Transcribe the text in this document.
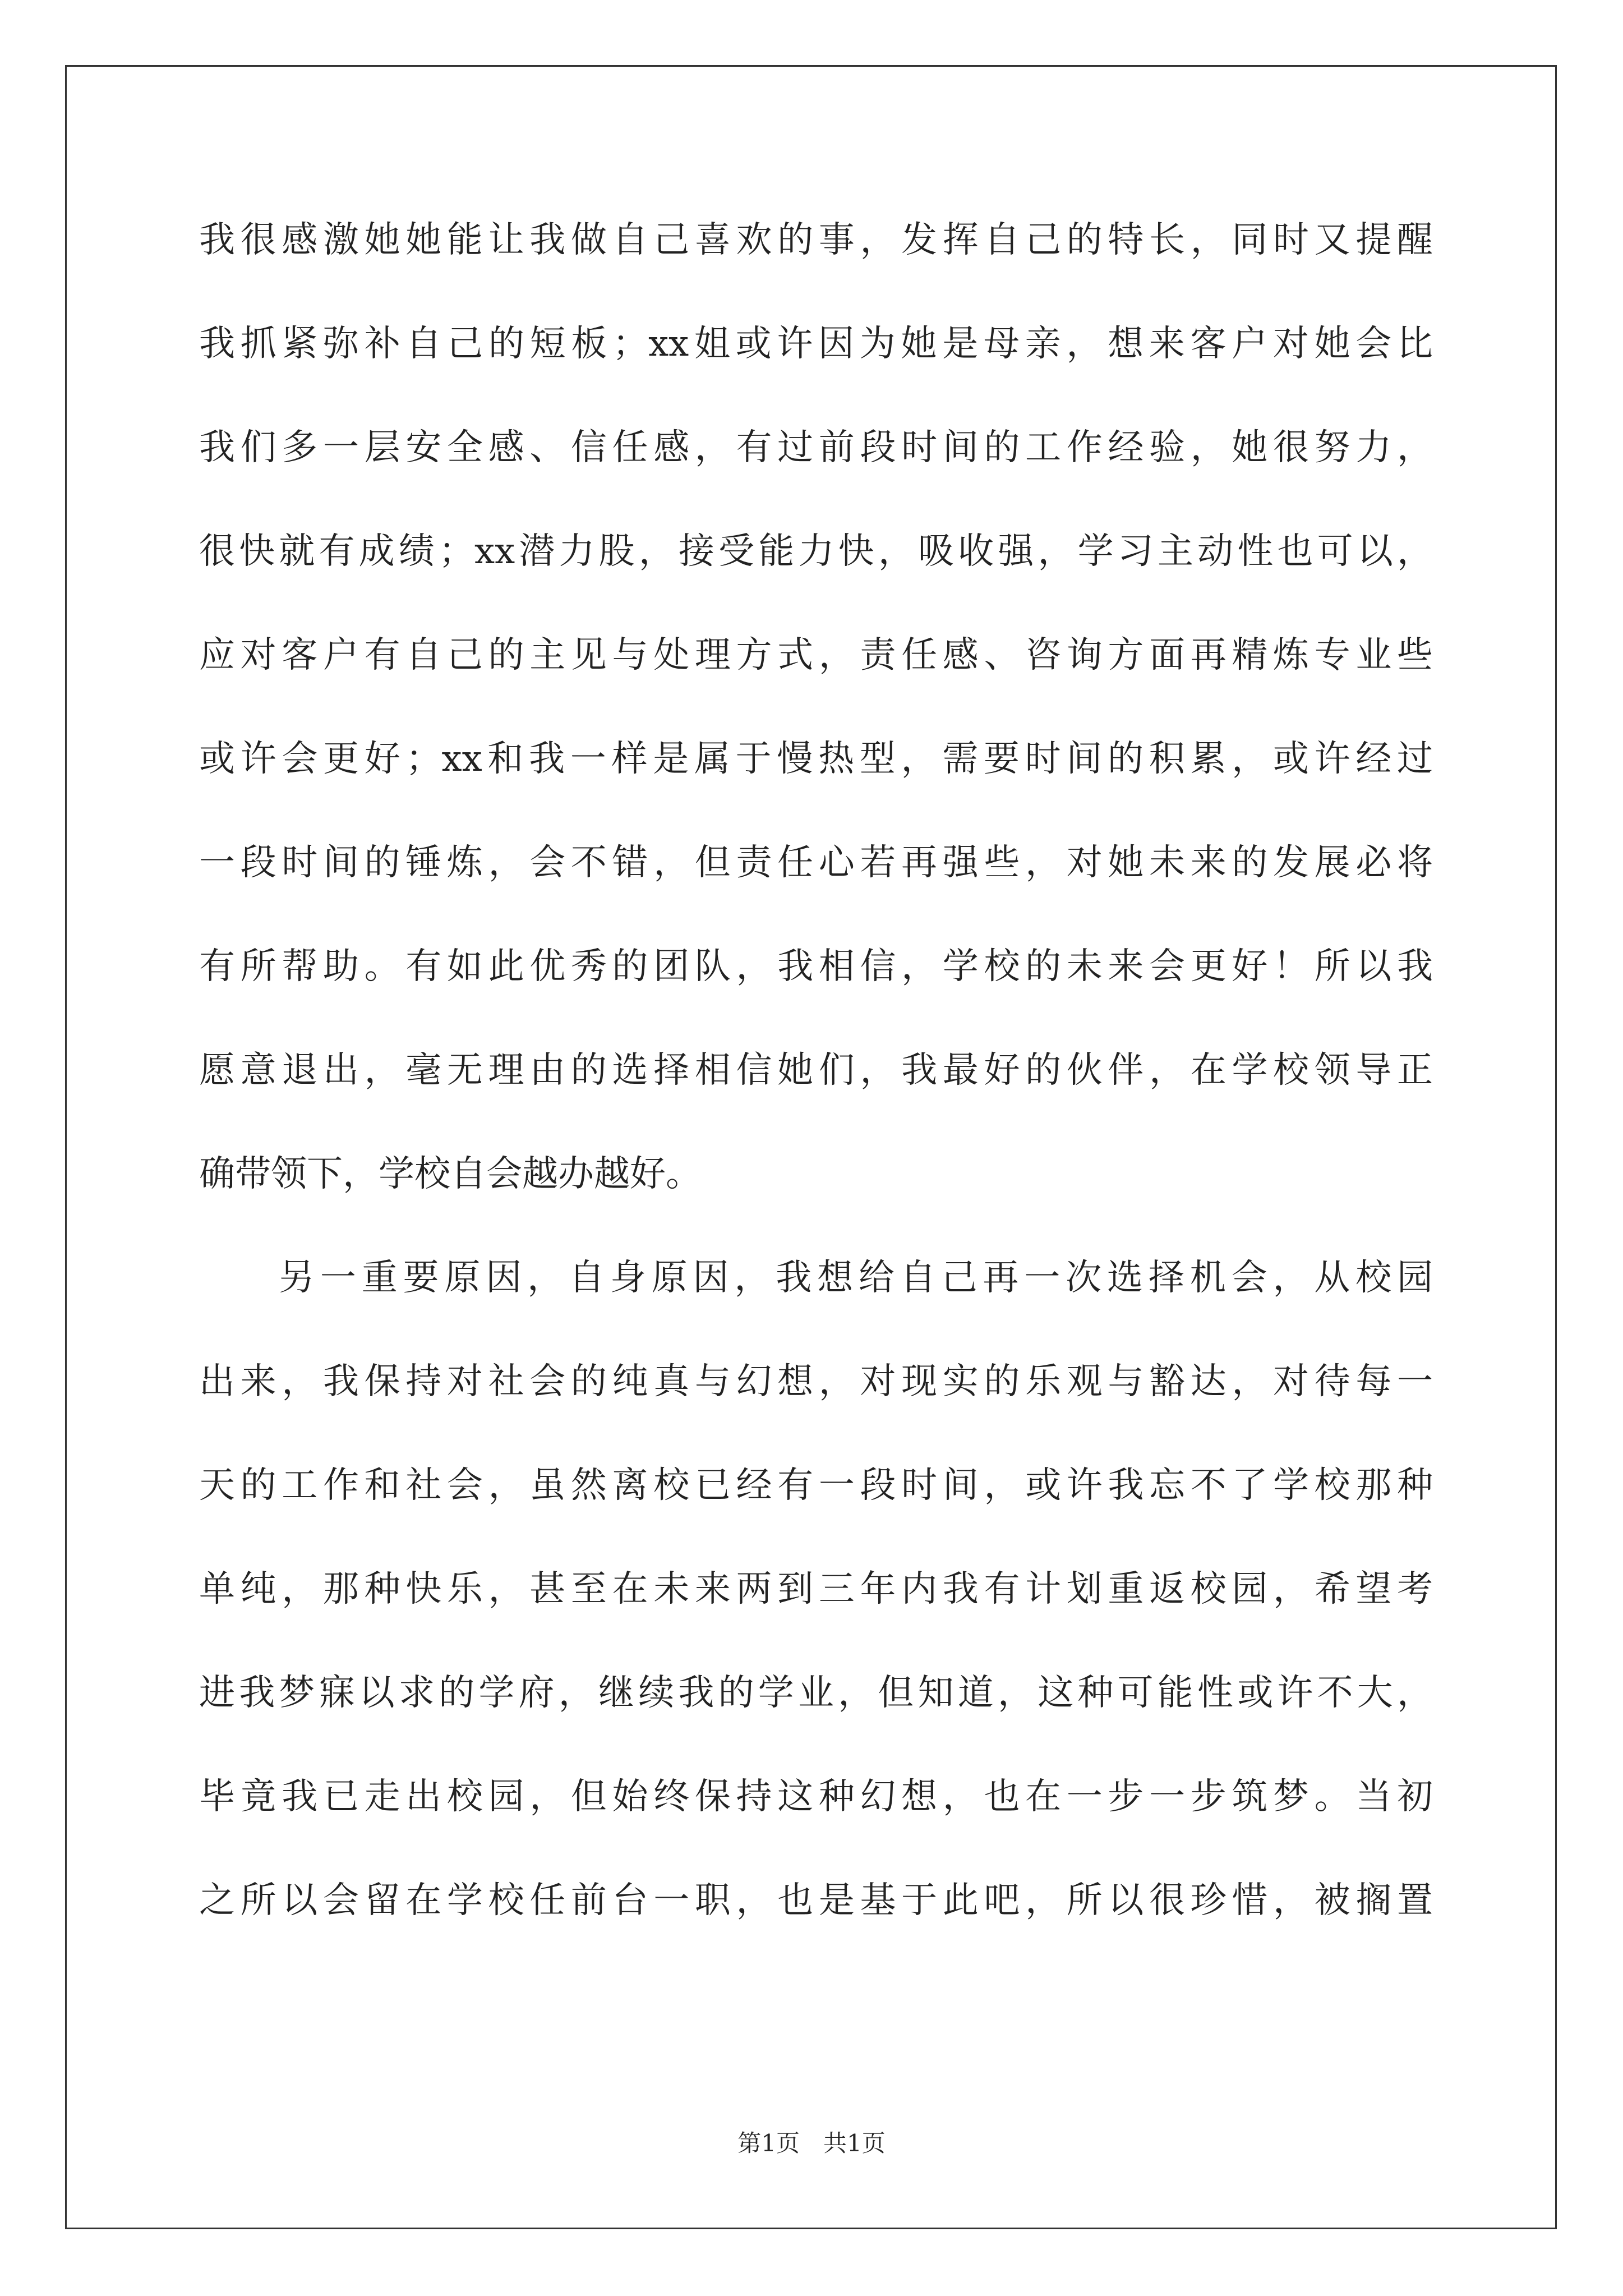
我很感激她她能让我做自己喜欢的事，发挥自己的特长，同时又提醒
我抓紧弥补自己的短板；xx姐或许因为她是母亲，想来客户对她会比
我们多一层安全感、信任感，有过前段时间的工作经验，她很努力，
很快就有成绩；xx潜力股，接受能力快，吸收强，学习主动性也可以，
应对客户有自己的主见与处理方式，责任感、咨询方面再精炼专业些
或许会更好；xx和我一样是属于慢热型，需要时间的积累，或许经过
一段时间的锤炼，会不错，但责任心若再强些，对她未来的发展必将
有所帮助。有如此优秀的团队，我相信，学校的未来会更好！所以我
愿意退出，毫无理由的选择相信她们，我最好的伙伴，在学校领导正
确带领下，学校自会越办越好。
另一重要原因，自身原因，我想给自己再一次选择机会，从校园
出来，我保持对社会的纯真与幻想，对现实的乐观与豁达，对待每一
天的工作和社会，虽然离校已经有一段时间，或许我忘不了学校那种
单纯，那种快乐，甚至在未来两到三年内我有计划重返校园，希望考
进我梦寐以求的学府，继续我的学业，但知道，这种可能性或许不大，
毕竟我已走出校园，但始终保持这种幻想，也在一步一步筑梦。当初
之所以会留在学校任前台一职，也是基于此吧，所以很珍惜，被搁置
第1页　共1页
